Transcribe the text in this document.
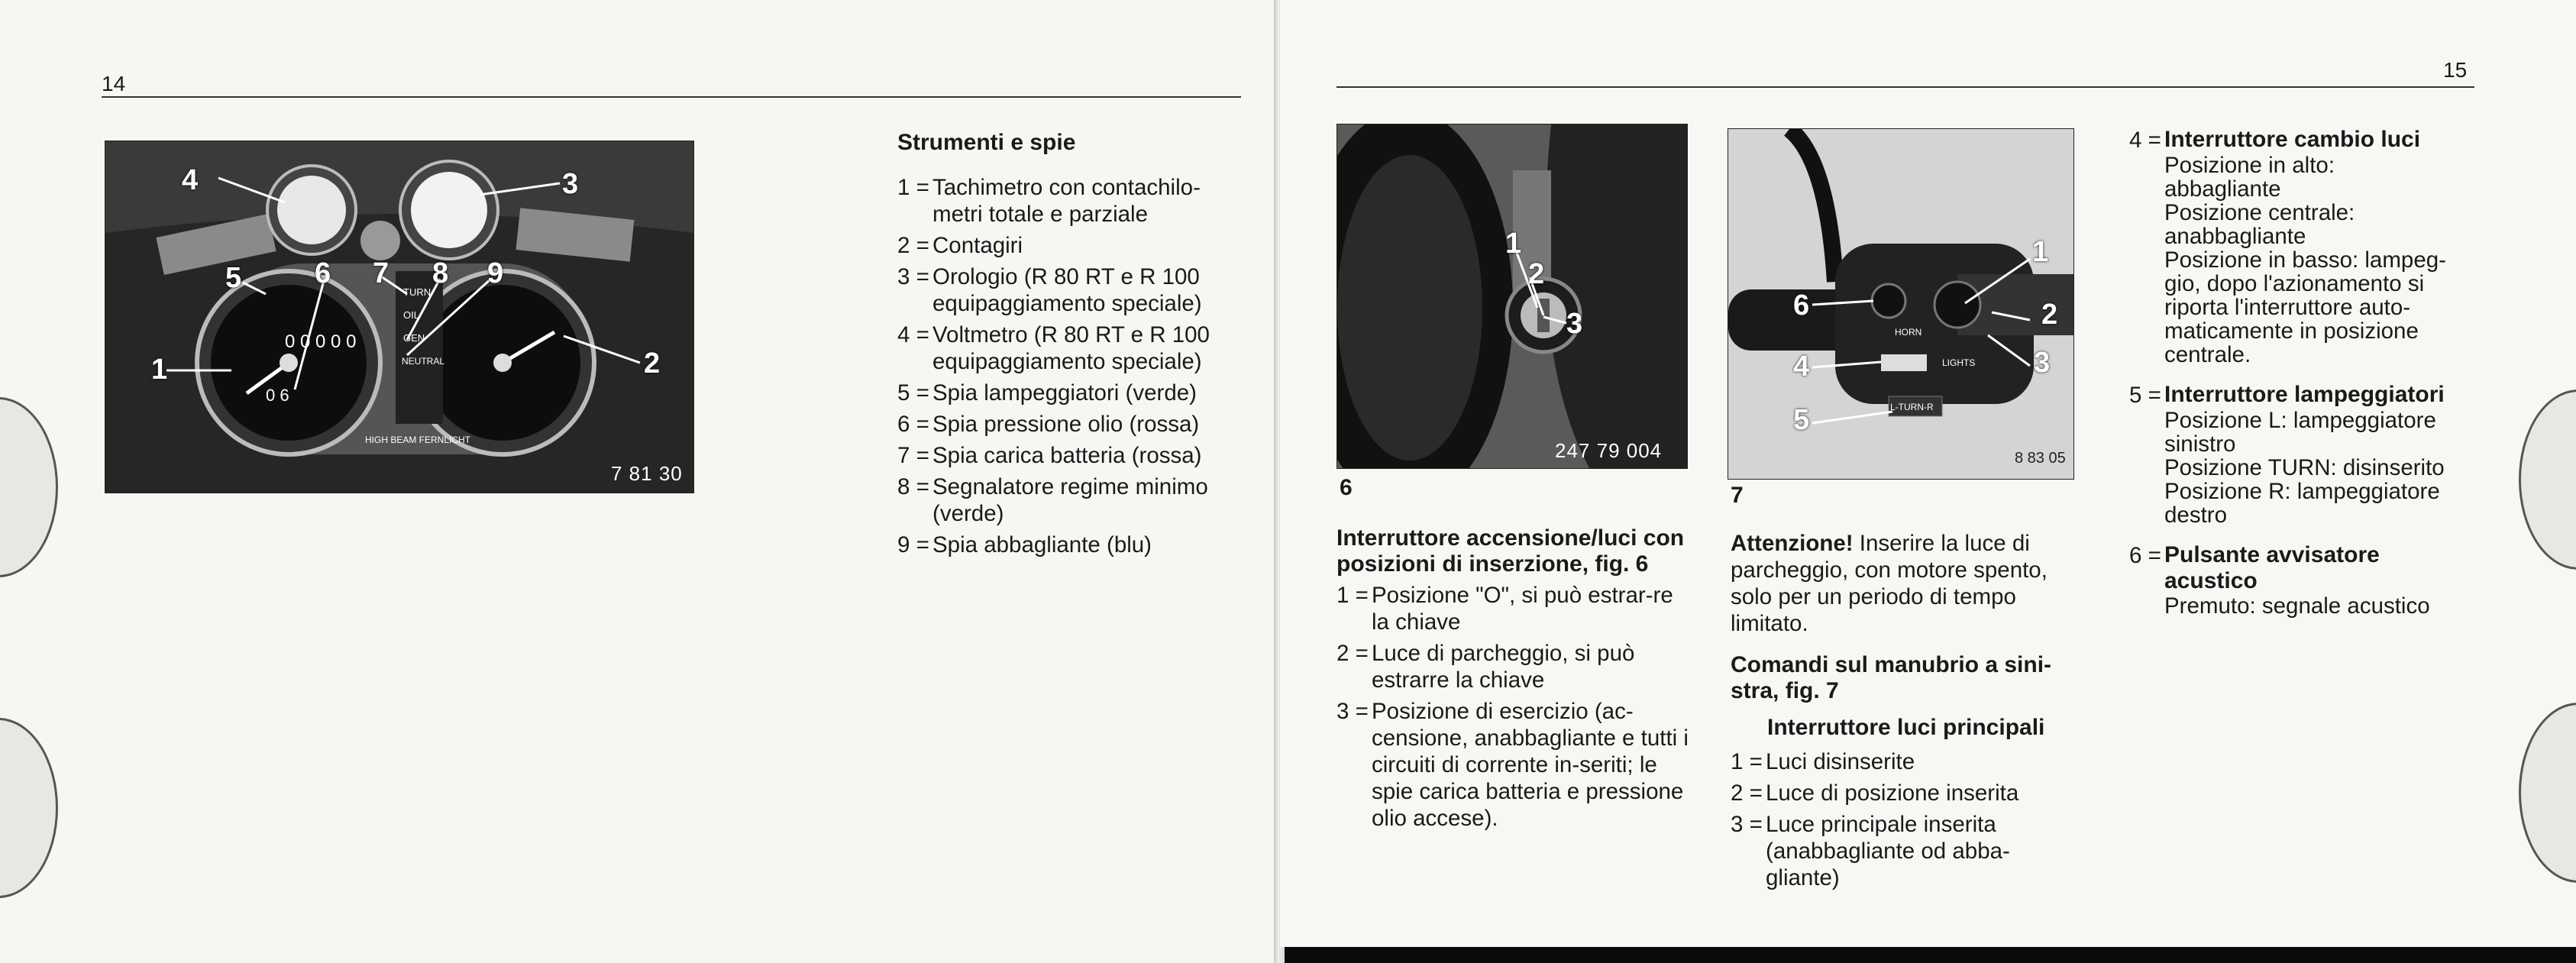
14
0 0 0 0 0
0 6
TURN
OIL
GEN
NEUTRAL
HIGH BEAM FERNLICHT
4	3
5	6 7 8 9
1	2
7 81 30
Strumenti e spie
1 = Tachimetro con contachilo-metri totale e parziale
2 = Contagiri
3 = Orologio (R 80 RT e R 100 equipaggiamento speciale)
4 = Voltmetro (R 80 RT e R 100 equipaggiamento speciale)
5 = Spia lampeggiatori (verde)
6 = Spia pressione olio (rossa)
7 = Spia carica batteria (rossa)
8 = Segnalatore regime minimo (verde)
9 = Spia abbagliante (blu)
15
1
2
3
247 79 004
6
Interruttore accensione/luci con posizioni di inserzione, fig. 6
1 = Posizione "O", si può estrar-re la chiave
2 = Luce di parcheggio, si può estrarre la chiave
3 = Posizione di esercizio (ac-censione, anabbagliante e tutti i circuiti di corrente in-seriti; le spie carica batteria e pressione olio accese).
HORN
LIGHTS
L-TURN-R
1
2
3
6
4
5
8 83 05
7
Attenzione! Inserire la luce di parcheggio, con motore spento, solo per un periodo di tempo limitato.
Comandi sul manubrio a sini-stra, fig. 7
Interruttore luci principali
1 = Luci disinserite
2 = Luce di posizione inserita
3 = Luce principale inserita (anabbagliante od abba-gliante)
4 = Interruttore cambio luci
Posizione in alto:
abbagliante
Posizione centrale:
anabbagliante
Posizione in basso: lampeg-
gio, dopo l'azionamento si
riporta l'interruttore auto-
maticamente in posizione
centrale.
5 = Interruttore lampeggiatori
Posizione L: lampeggiatore
sinistro
Posizione TURN: disinserito
Posizione R: lampeggiatore
destro
6 = Pulsante avvisatore acustico
Premuto: segnale acustico
